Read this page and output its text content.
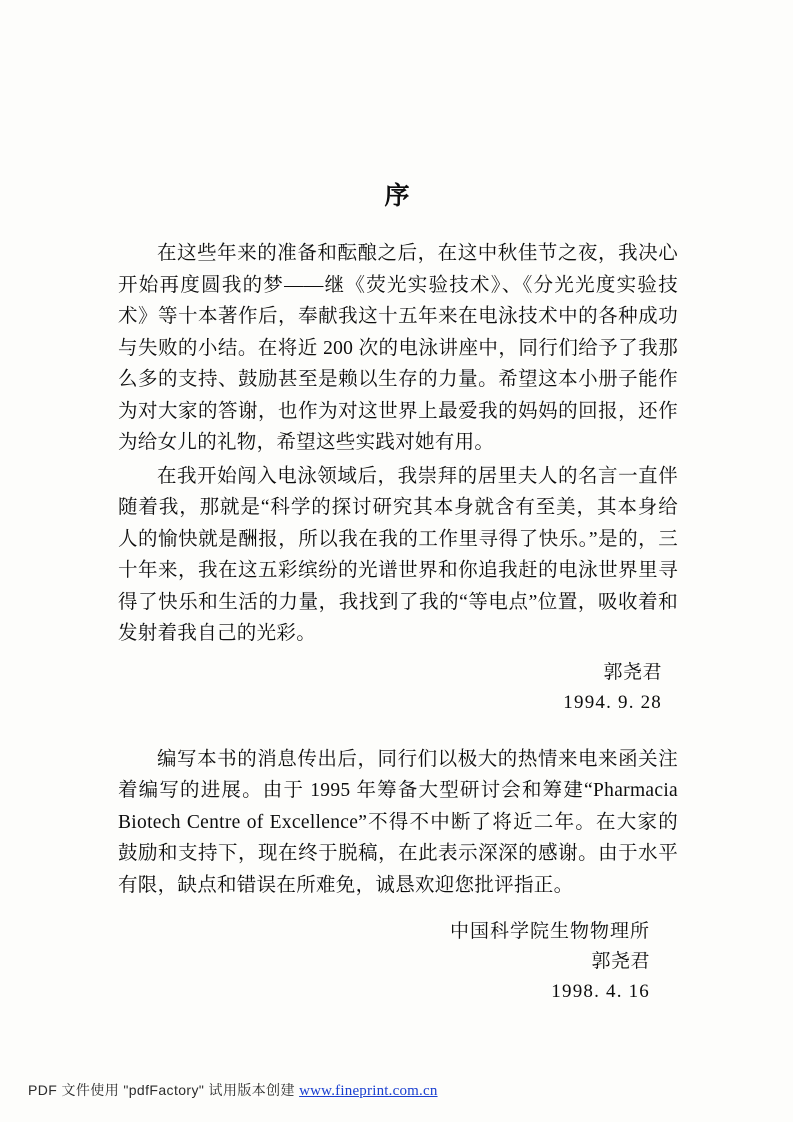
序

在这些年来的准备和酝酿之后，在这中秋佳节之夜，我决心开始再度圆我的梦——继《荧光实验技术》、《分光光度实验技术》等十本著作后，奉献我这十五年来在电泳技术中的各种成功与失败的小结。在将近 200 次的电泳讲座中，同行们给予了我那么多的支持、鼓励甚至是赖以生存的力量。希望这本小册子能作为对大家的答谢，也作为对这世界上最爱我的妈妈的回报，还作为给女儿的礼物，希望这些实践对她有用。

在我开始闯入电泳领域后，我崇拜的居里夫人的名言一直伴随着我，那就是“科学的探讨研究其本身就含有至美，其本身给人的愉快就是酬报，所以我在我的工作里寻得了快乐。”是的，三十年来，我在这五彩缤纷的光谱世界和你追我赶的电泳世界里寻得了快乐和生活的力量，我找到了我的“等电点”位置，吸收着和发射着我自己的光彩。

郭尧君
1994. 9. 28

编写本书的消息传出后，同行们以极大的热情来电来函关注着编写的进展。由于 1995 年筹备大型研讨会和筹建“Pharmacia Biotech Centre of Excellence”不得不中断了将近二年。在大家的鼓励和支持下，现在终于脱稿，在此表示深深的感谢。由于水平有限，缺点和错误在所难免，诚恳欢迎您批评指正。

中国科学院生物物理所
郭尧君
1998. 4. 16
PDF 文件使用 "pdfFactory" 试用版本创建 www.fineprint.com.cn
